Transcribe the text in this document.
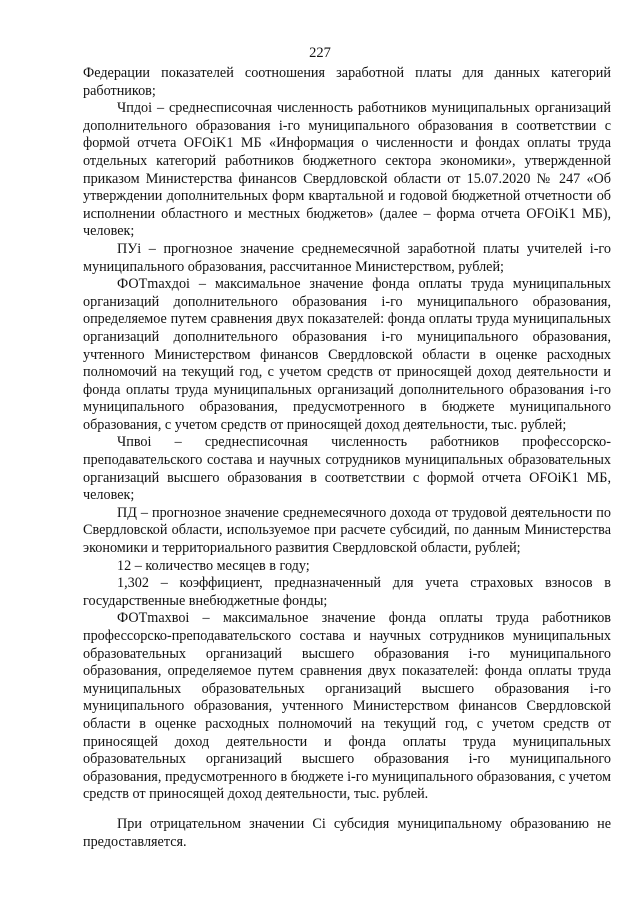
227

Федерации показателей соотношения заработной платы для данных категорий работников;

Чпдоi – среднесписочная численность работников муниципальных организаций дополнительного образования i-го муниципального образования в соответствии с формой отчета OFOiK1 МБ «Информация о численности и фондах оплаты труда отдельных категорий работников бюджетного сектора экономики», утвержденной приказом Министерства финансов Свердловской области от 15.07.2020 № 247 «Об утверждении дополнительных форм квартальной и годовой бюджетной отчетности об исполнении областного и местных бюджетов» (далее – форма отчета OFOiK1 МБ), человек;

ПУi – прогнозное значение среднемесячной заработной платы учителей i-го муниципального образования, рассчитанное Министерством, рублей;

ФОТmaxдоi – максимальное значение фонда оплаты труда муниципальных организаций дополнительного образования i-го муниципального образования, определяемое путем сравнения двух показателей: фонда оплаты труда муниципальных организаций дополнительного образования i-го муниципального образования, учтенного Министерством финансов Свердловской области в оценке расходных полномочий на текущий год, с учетом средств от приносящей доход деятельности и фонда оплаты труда муниципальных организаций дополнительного образования i-го муниципального образования, предусмотренного в бюджете муниципального образования, с учетом средств от приносящей доход деятельности, тыс. рублей;

Чпвоi – среднесписочная численность работников профессорско-преподавательского состава и научных сотрудников муниципальных образовательных организаций высшего образования в соответствии с формой отчета OFOiK1 МБ, человек;

ПД – прогнозное значение среднемесячного дохода от трудовой деятельности по Свердловской области, используемое при расчете субсидий, по данным Министерства экономики и территориального развития Свердловской области, рублей;

12 – количество месяцев в году;

1,302 – коэффициент, предназначенный для учета страховых взносов в государственные внебюджетные фонды;

ФОТmaxвоi – максимальное значение фонда оплаты труда работников профессорско-преподавательского состава и научных сотрудников муниципальных образовательных организаций высшего образования i-го муниципального образования, определяемое путем сравнения двух показателей: фонда оплаты труда муниципальных образовательных организаций высшего образования i-го муниципального образования, учтенного Министерством финансов Свердловской области в оценке расходных полномочий на текущий год, с учетом средств от приносящей доход деятельности и фонда оплаты труда муниципальных образовательных организаций высшего образования i-го муниципального образования, предусмотренного в бюджете i-го муниципального образования, с учетом средств от приносящей доход деятельности, тыс. рублей.

При отрицательном значении Ci субсидия муниципальному образованию не предоставляется.
